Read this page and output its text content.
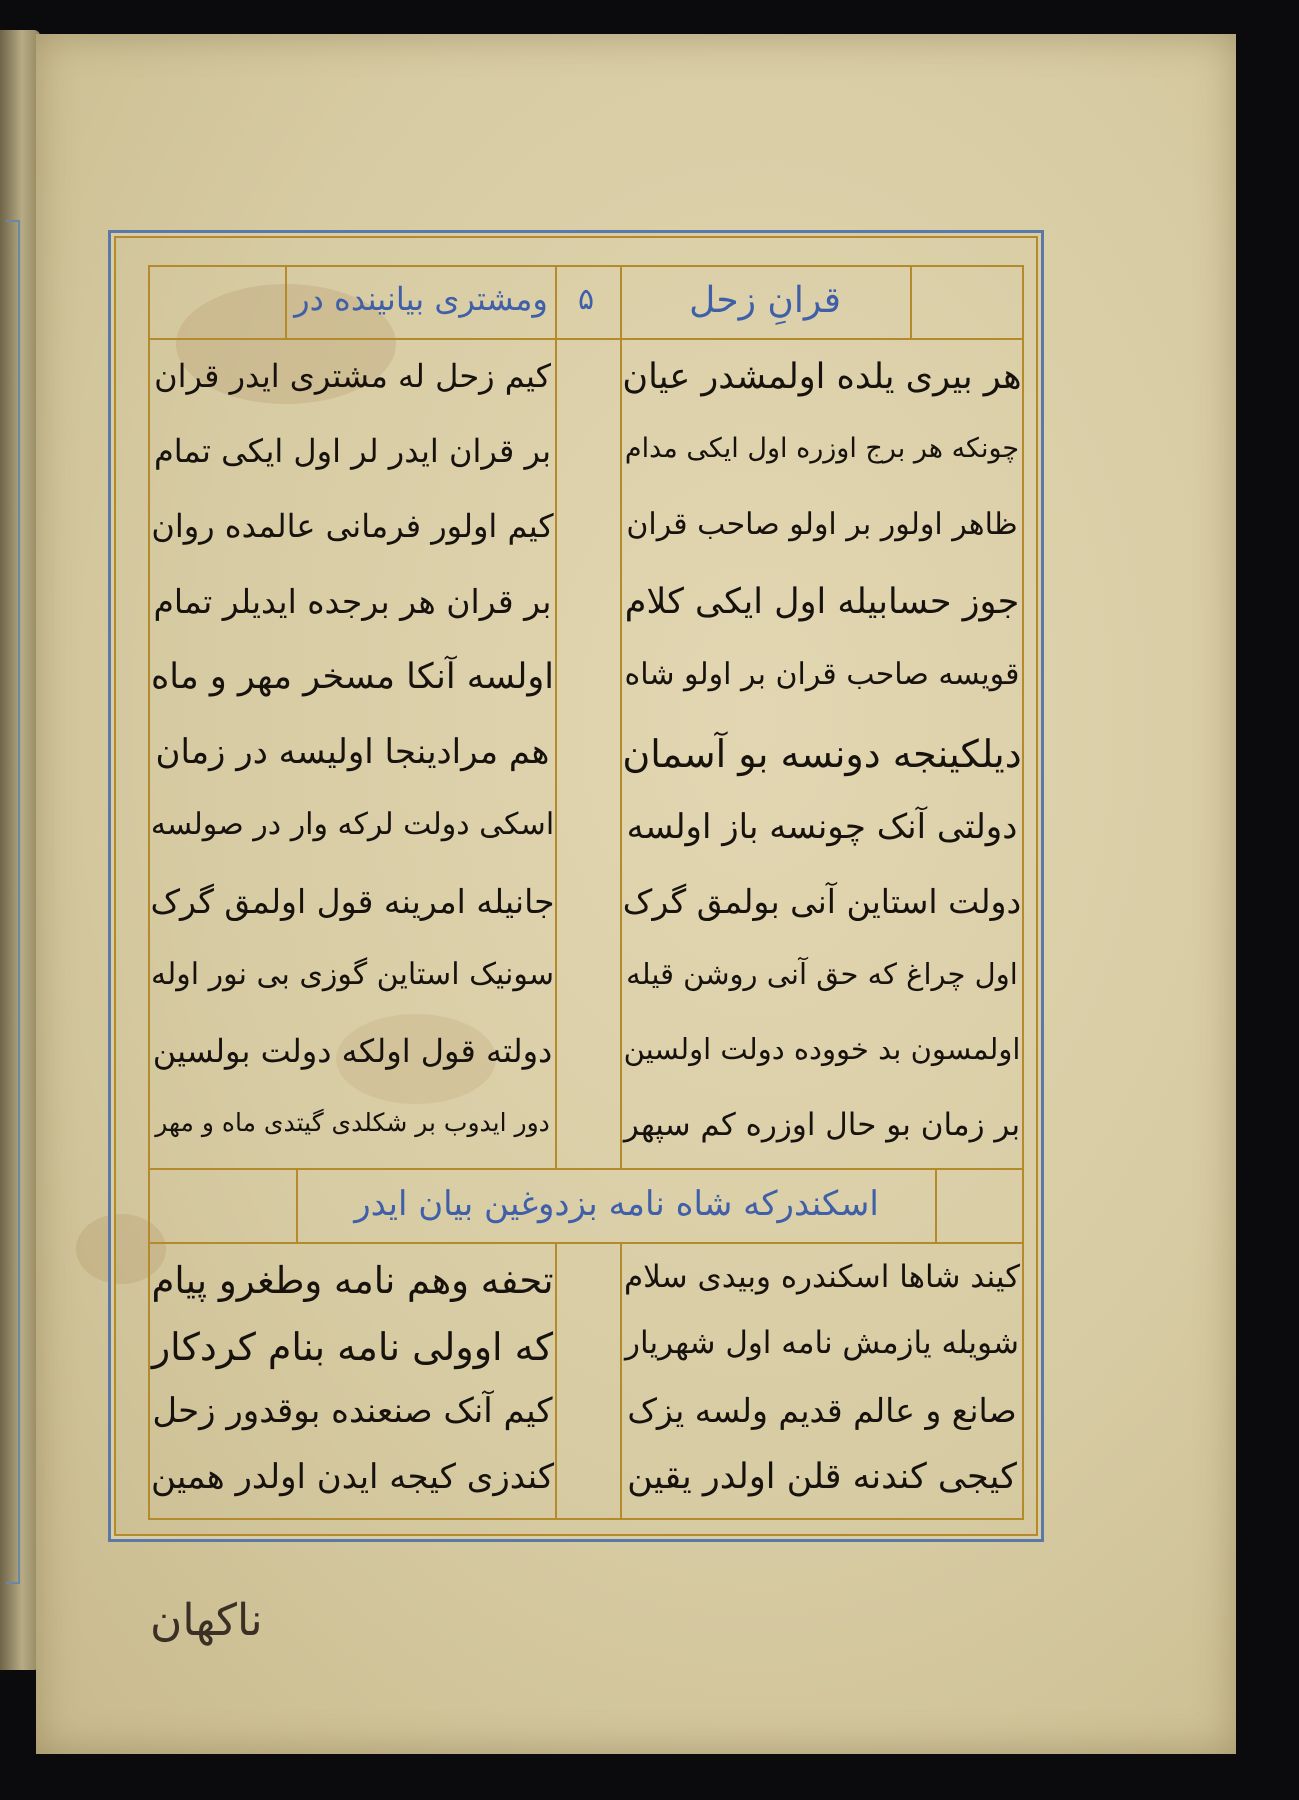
قرانِ زحل
ومشتری بیانینده در ۵
اسکندرکه شاه نامه بزدوغین بیان ایدر
هر بیری یلده اولمشدر عیان
چونکه هر برج اوزره اول ایکی مدام
ظاهر اولور بر اولو صاحب قران
جوز حسابیله اول ایکی کلام
قویسه صاحب قران بر اولو شاه
دیلکینجه دونسه بو آسمان
دولتی آنک چونسه باز اولسه
دولت استاین آنی بولمق گرک
اول چراغ که حق آنی روشن قیله
اولمسون بد خووده دولت اولسین
بر زمان بو حال اوزره کم سپهر
کیم زحل له مشتری ایدر قران
بر قران ایدر لر اول ایکی تمام
کیم اولور فرمانی عالمده روان
بر قران هر برجده ایدیلر تمام
اولسه آنکا مسخر مهر و ماه
هم مرادینجا اولیسه در زمان
اسکی دولت لرکه وار در صولسه
جانیله امرینه قول اولمق گرک
سونیک استاین گوزی بی نور اوله
دولته قول اولکه دولت بولسین
دور ایدوب بر شکلدی گیتدی ماه و مهر
کیند شاها اسکندره وبیدی سلام
شویله یازمش نامه اول شهریار
صانع و عالم قدیم ولسه یزک
کیجی کندنه قلن اولدر یقین
تحفه وهم نامه وطغرو پیام
که اوولی نامه بنام کردکار
کیم آنک صنعنده بوقدور زحل
کندزی کیجه ایدن اولدر همین
ناکهان
